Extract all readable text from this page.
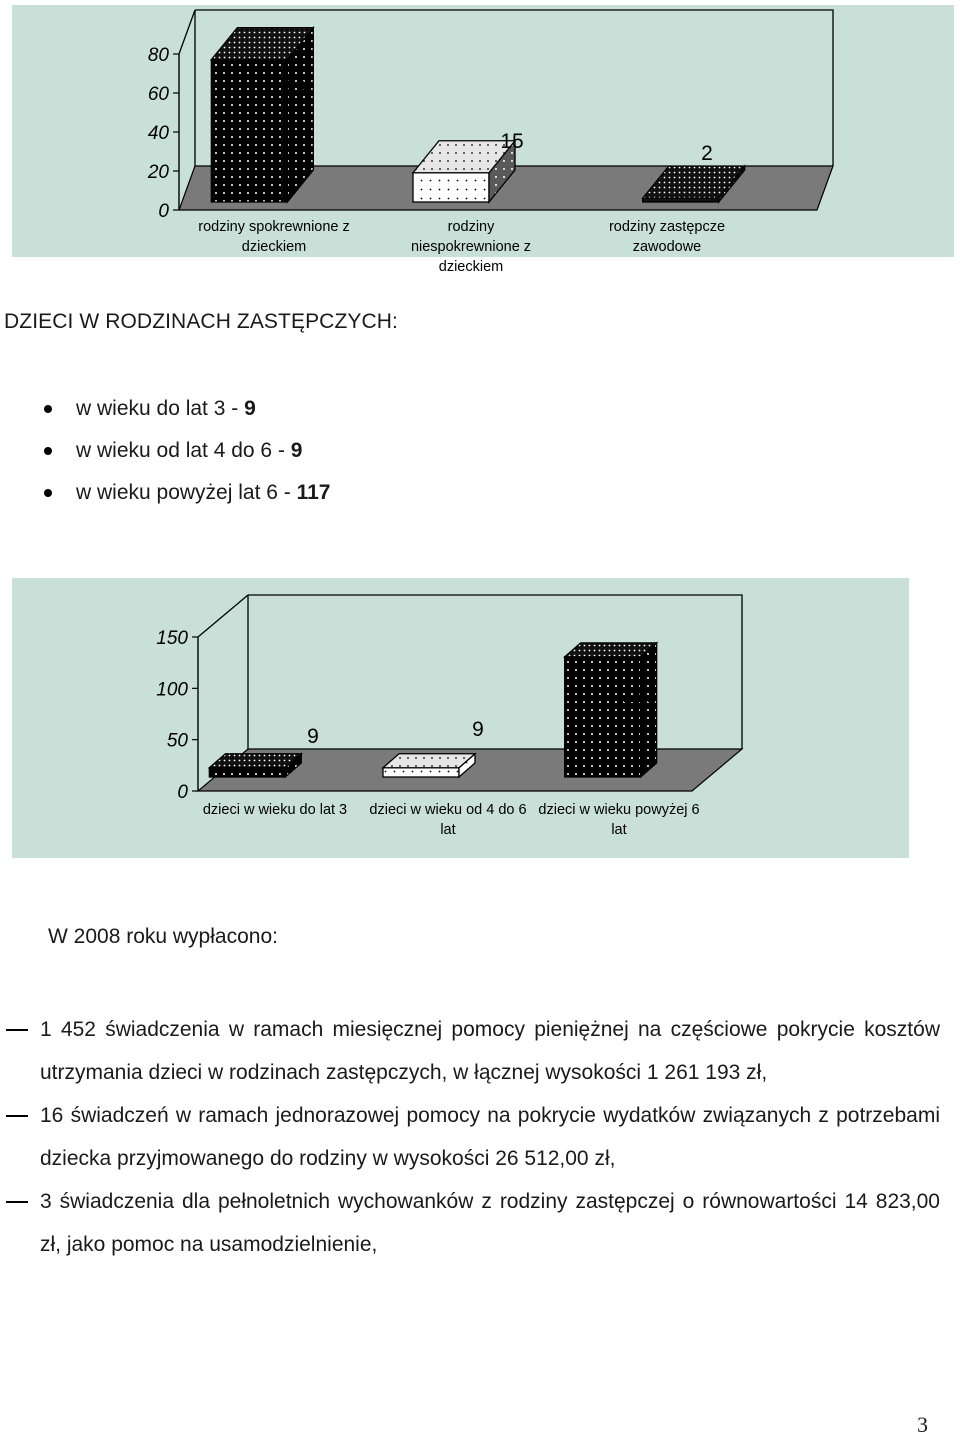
0
20
40
60
80
73
rodziny spokrewnione z
dzieckiem
15
rodziny
niespokrewnione z
dzieckiem
2
rodziny zastępcze
zawodowe
DZIECI W RODZINACH ZASTĘPCZYCH:
w wieku do lat 3 - 9
w wieku od lat 4 do 6 - 9
w wieku powyżej lat 6 - 117
0
50
100
150
9
dzieci w wieku do lat 3
9
dzieci w wieku od 4 do 6
lat
117
dzieci w wieku powyżej 6
lat
W 2008 roku wypłacono:
1 452 świadczenia w ramach miesięcznej pomocy pieniężnej na częściowe pokrycie kosztów utrzymania dzieci w rodzinach zastępczych, w łącznej wysokości 1 261 193 zł,
16 świadczeń w ramach jednorazowej pomocy na pokrycie wydatków związanych z potrzebami dziecka przyjmowanego do rodziny w wysokości 26 512,00 zł,
3 świadczenia dla pełnoletnich wychowanków z rodziny zastępczej o równowartości 14 823,00 zł, jako pomoc na usamodzielnienie,
3
